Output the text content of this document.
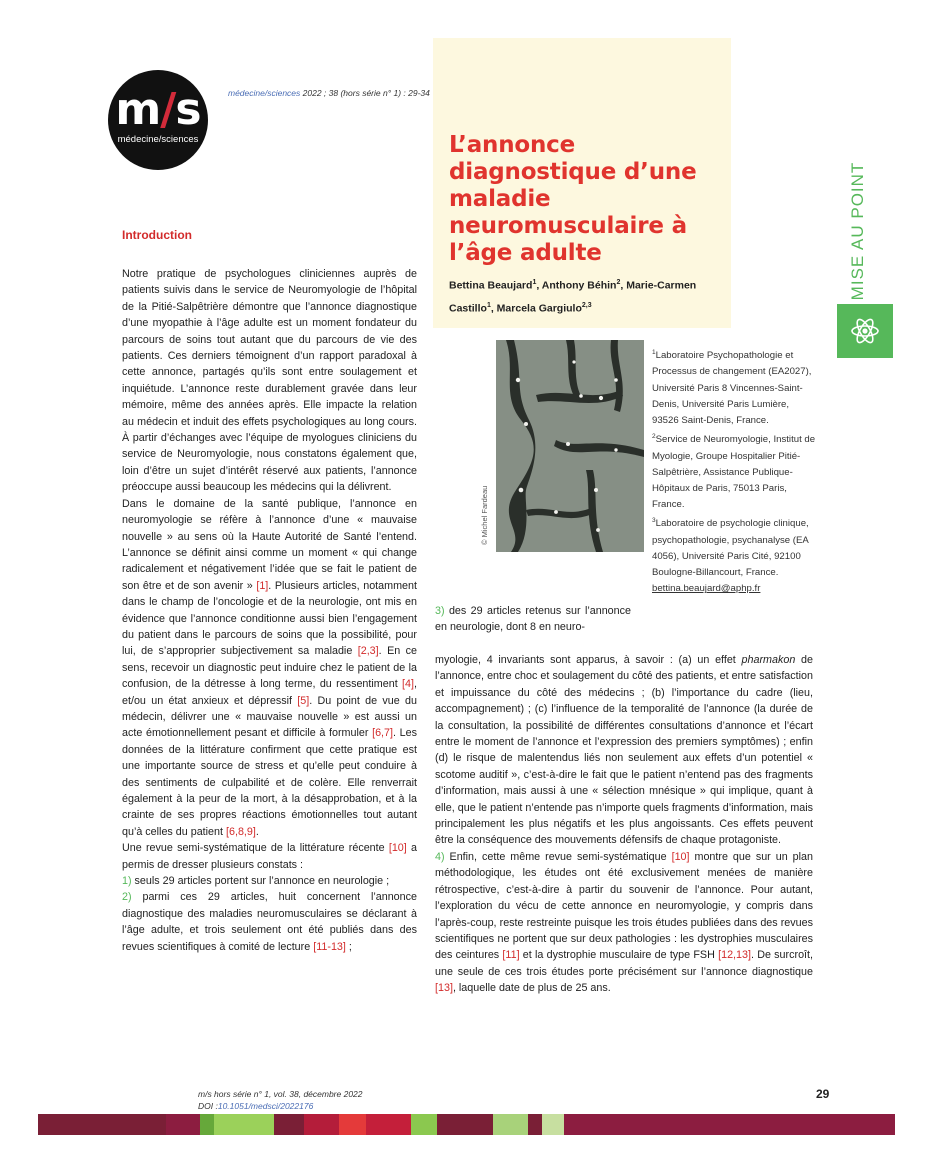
m/s
médecine/sciences
médecine/sciences 2022 ; 38 (hors série n° 1) : 29-34
L’annonce diagnostique d’une maladie neuromusculaire à l’âge adulte
Bettina Beaujard$^1$, Anthony Béhin$^2$, Marie-Carmen Castillo$^1$, Marcela Gargiulo$^{2,3}$
MISE AU POINT
© Michel Fardeau
$^1$Laboratoire Psychopathologie et Processus de changement (EA2027), Université Paris 8 Vincennes-Saint-Denis, Université Paris Lumière, 93526 Saint-Denis, France.
$^2$Service de Neuromyologie, Institut de Myologie, Groupe Hospitalier Pitié-Salpêtrière, Assistance Publique-Hôpitaux de Paris, 75013 Paris, France.
$^3$Laboratoire de psychologie clinique, psychopathologie, psychanalyse (EA 4056), Université Paris Cité, 92100 Boulogne-Billancourt, France.
bettina.beaujard@aphp.fr
Introduction

Notre pratique de psychologues cliniciennes auprès de patients suivis dans le service de Neuromyologie de l’hôpital de la Pitié-Salpêtrière démontre que l’annonce diagnostique d’une myopathie à l’âge adulte est un moment fondateur du parcours de soins tout autant que du parcours de vie des patients. Ces derniers témoignent d’un rapport paradoxal à cette annonce, partagés qu’ils sont entre soulagement et inquiétude. L’annonce reste durablement gravée dans leur mémoire, même des années après. Elle impacte la relation au médecin et induit des effets psychologiques au long cours. À partir d’échanges avec l’équipe de myologues cliniciens du service de Neuromyologie, nous constatons également que, loin d’être un sujet d’intérêt réservé aux patients, l’annonce préoccupe aussi beaucoup les médecins qui la délivrent.

Dans le domaine de la santé publique, l’annonce en neuromyologie se réfère à l’annonce d’une « mauvaise nouvelle » au sens où la Haute Autorité de Santé l’entend. L’annonce se définit ainsi comme un moment « qui change radicalement et négativement l’idée que se fait le patient de son être et de son avenir » [1]. Plusieurs articles, notamment dans le champ de l’oncologie et de la neurologie, ont mis en évidence que l’annonce conditionne aussi bien l’engagement du patient dans le parcours de soins que la possibilité, pour lui, de s’approprier subjectivement sa maladie [2,3]. En ce sens, recevoir un diagnostic peut induire chez le patient de la confusion, de la détresse à long terme, du ressentiment [4], et/ou un état anxieux et dépressif [5]. Du point de vue du médecin, délivrer une « mauvaise nouvelle » est aussi un acte émotionnellement pesant et difficile à formuler [6,7]. Les données de la littérature confirment que cette pratique est une importante source de stress et qu’elle peut conduire à des sentiments de culpabilité et de colère. Elle renverrait également à la peur de la mort, à la désapprobation, et à la crainte de ses propres réactions émotionnelles tout autant qu’à celles du patient [6,8,9].

Une revue semi-systématique de la littérature récente [10] a permis de dresser plusieurs constats :

1) seuls 29 articles portent sur l’annonce en neurologie ;

2) parmi ces 29 articles, huit concernent l’annonce diagnostique des maladies neuromusculaires se déclarant à l’âge adulte, et trois seulement ont été publiés dans des revues scientifiques à comité de lecture [11-13] ;

3) des 29 articles retenus sur l’annonce en neurologie, dont 8 en neuro-

myologie, 4 invariants sont apparus, à savoir : (a) un effet pharmakon de l’annonce, entre choc et soulagement du côté des patients, et entre satisfaction et impuissance du côté des médecins ; (b) l’importance du cadre (lieu, accompagnement) ; (c) l’influence de la temporalité de l’annonce (la durée de la consultation, la possibilité de différentes consultations d’annonce et l’écart entre le moment de l’annonce et l’expression des premiers symptômes) ; enfin (d) le risque de malentendus liés non seulement aux effets d’un potentiel « scotome auditif », c’est-à-dire le fait que le patient n’entend pas des fragments d’information, mais aussi à une « sélection mnésique » qui implique, quant à elle, que le patient n’entende pas n’importe quels fragments d’information, mais principalement les plus négatifs et les plus angoissants. Ces effets peuvent être la conséquence des mouvements défensifs de chaque protagoniste.

4) Enfin, cette même revue semi-systématique [10] montre que sur un plan méthodologique, les études ont été exclusivement menées de manière rétrospective, c’est-à-dire à partir du souvenir de l’annonce. Pour autant, l’exploration du vécu de cette annonce en neuromyologie, y compris dans l’après-coup, reste restreinte puisque les trois études publiées dans des revues scientifiques ne portent que sur deux pathologies : les dystrophies musculaires des ceintures [11] et la dystrophie musculaire de type FSH [12,13]. De surcroît, une seule de ces trois études porte précisément sur l’annonce diagnostique [13], laquelle date de plus de 25 ans.

m/s hors série n° 1, vol. 38, décembre 2022
DOI :10.1051/medsci/2022176
29
